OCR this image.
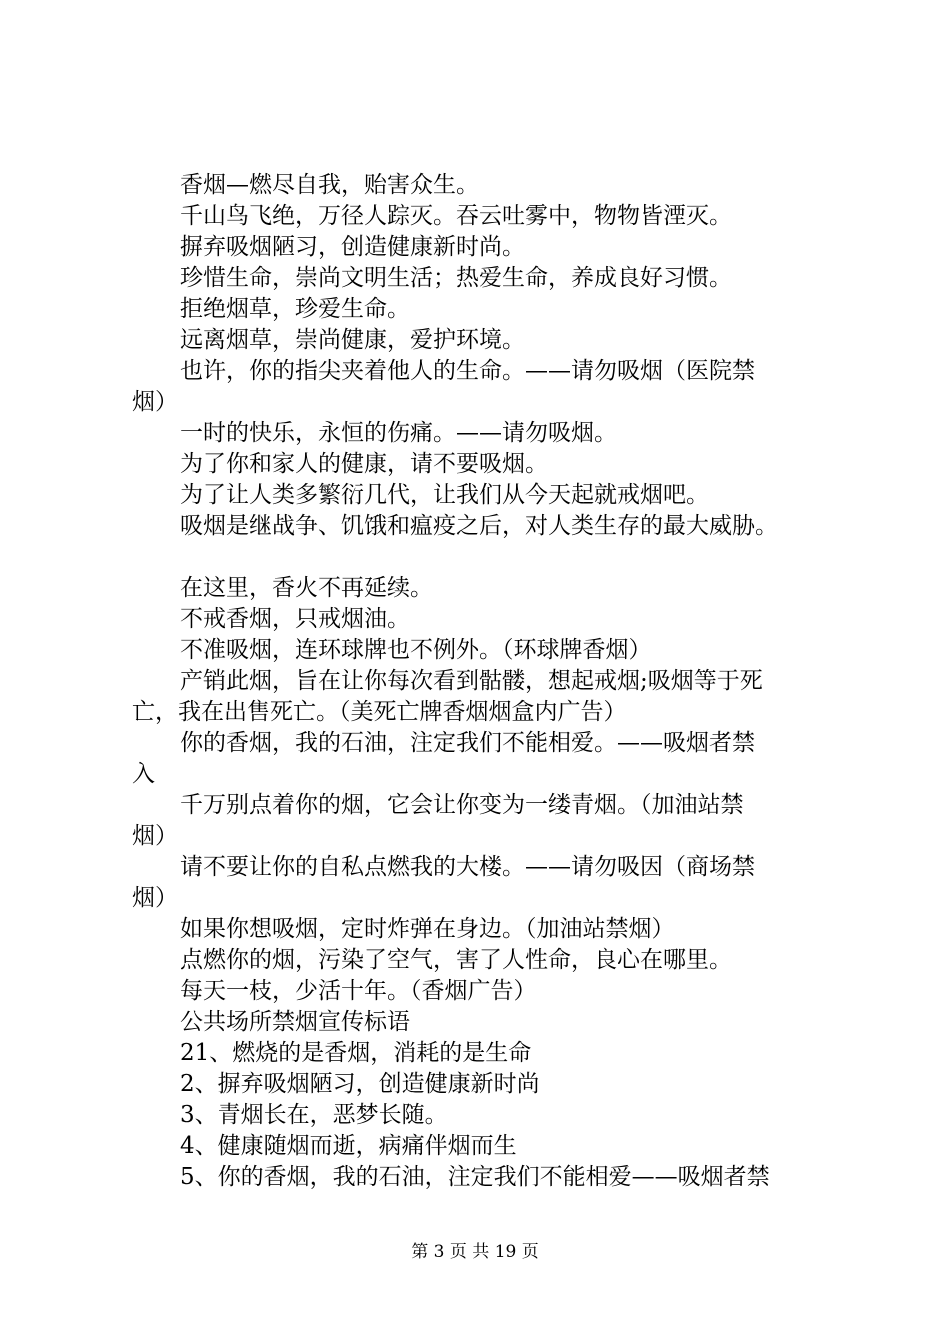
香烟—燃尽自我，贻害众生。
千山鸟飞绝，万径人踪灭。吞云吐雾中，物物皆湮灭。
摒弃吸烟陋习，创造健康新时尚。
珍惜生命，崇尚文明生活；热爱生命，养成良好习惯。
拒绝烟草，珍爱生命。
远离烟草，崇尚健康，爱护环境。
也许，你的指尖夹着他人的生命。——请勿吸烟（医院禁
烟）
一时的快乐，永恒的伤痛。——请勿吸烟。
为了你和家人的健康，请不要吸烟。
为了让人类多繁衍几代，让我们从今天起就戒烟吧。
吸烟是继战争、饥饿和瘟疫之后，对人类生存的最大威胁。
在这里，香火不再延续。
不戒香烟，只戒烟油。
不准吸烟，连环球牌也不例外。（环球牌香烟）
产销此烟，旨在让你每次看到骷髅，想起戒烟;吸烟等于死
亡，我在出售死亡。（美死亡牌香烟烟盒内广告）
你的香烟，我的石油，注定我们不能相爱。——吸烟者禁
入
千万别点着你的烟，它会让你变为一缕青烟。（加油站禁
烟）
请不要让你的自私点燃我的大楼。——请勿吸因（商场禁
烟）
如果你想吸烟，定时炸弹在身边。（加油站禁烟）
点燃你的烟，污染了空气，害了人性命，良心在哪里。
每天一枝，少活十年。（香烟广告）
公共场所禁烟宣传标语
21、燃烧的是香烟，消耗的是生命
2、摒弃吸烟陋习，创造健康新时尚
3、青烟长在，恶梦长随。
4、健康随烟而逝，病痛伴烟而生
5、你的香烟，我的石油，注定我们不能相爱——吸烟者禁
第 3 页 共 19 页
